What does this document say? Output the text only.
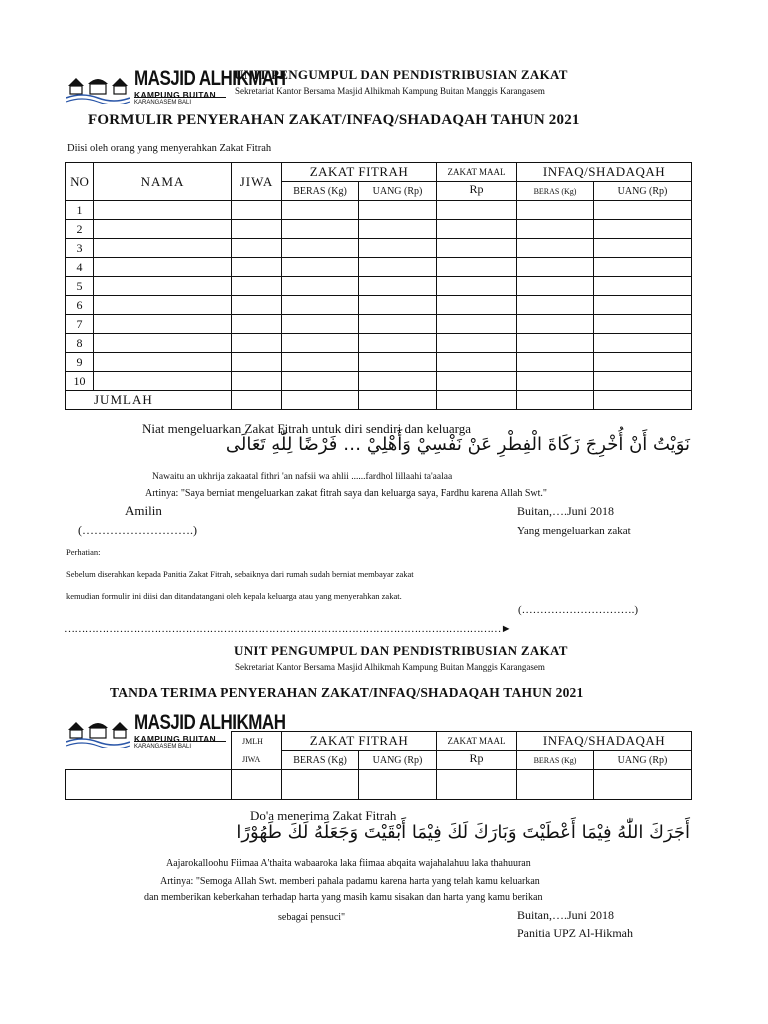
MASJID ALHIKMAH
KAMPUNG BUITAN
KARANGASEM BALI
UNIT PENGUMPUL DAN PENDISTRIBUSIAN ZAKAT
Sekretariat Kantor Bersama Masjid Alhikmah Kampung Buitan Manggis Karangasem
FORMULIR PENYERAHAN ZAKAT/INFAQ/SHADAQAH TAHUN 2021
Diisi oleh orang yang menyerahkan Zakat Fitrah
NO	NAMA	JIWA	ZAKAT FITRAH		ZAKAT MAAL	INFAQ/SHADAQAH	
			BERAS (Kg)	UANG (Rp)	Rp	BERAS (Kg)	UANG (Rp)
1							
2							
3							
4							
5							
6							
7							
8							
9							
10							
JUMLAH							
Niat mengeluarkan Zakat Fitrah untuk diri sendiri dan keluarga
نَوَيْتُ أَنْ أُخْرِجَ زَكَاةَ الْفِطْرِ عَنْ نَفْسِيْ وَأَهْلِيْ … فَرْضًا لِلّٰهِ تَعَالَى
Nawaitu an ukhrija zakaatal fithri 'an nafsii wa ahlii ......fardhol lillaahi ta'aalaa
Artinya: "Saya berniat mengeluarkan zakat fitrah saya dan keluarga saya, Fardhu karena Allah Swt."
Amilin	Buitan,….Juni 2018
(……………………….)	Yang mengeluarkan zakat
Perhatian:
Sebelum diserahkan kepada Panitia Zakat Fitrah, sebaiknya dari rumah sudah berniat membayar zakat
kemudian formulir ini diisi dan ditandatangani oleh kepala keluarga atau yang menyerahkan zakat.
(………………………….)
………………………………………………………………………………………………………………►
UNIT PENGUMPUL DAN PENDISTRIBUSIAN ZAKAT
Sekretariat Kantor Bersama Masjid Alhikmah Kampung Buitan Manggis Karangasem
TANDA TERIMA PENYERAHAN ZAKAT/INFAQ/SHADAQAH TAHUN 2021
MASJID ALHIKMAH
KAMPUNG BUITAN
KARANGASEM BALI
	JMLH	ZAKAT FITRAH		ZAKAT MAAL	INFAQ/SHADAQAH	
	JIWA	BERAS (Kg)	UANG (Rp)	Rp	BERAS (Kg)	UANG (Rp)

Do'a menerima Zakat Fitrah
أَجَرَكَ اللّٰهُ فِيْمَا أَعْطَيْتَ وَبَارَكَ لَكَ فِيْمَا أَبْقَيْتَ وَجَعَلَهُ لَكَ طَهُوْرًا
Aajarokalloohu Fiimaa A'thaita wabaaroka laka fiimaa abqaita wajahalahuu laka thahuuran
Artinya: "Semoga Allah Swt. memberi pahala padamu karena harta yang telah kamu keluarkan
dan memberikan keberkahan terhadap harta yang masih kamu sisakan dan harta yang kamu berikan
sebagai pensuci"	Buitan,….Juni 2018
Panitia UPZ Al-Hikmah
